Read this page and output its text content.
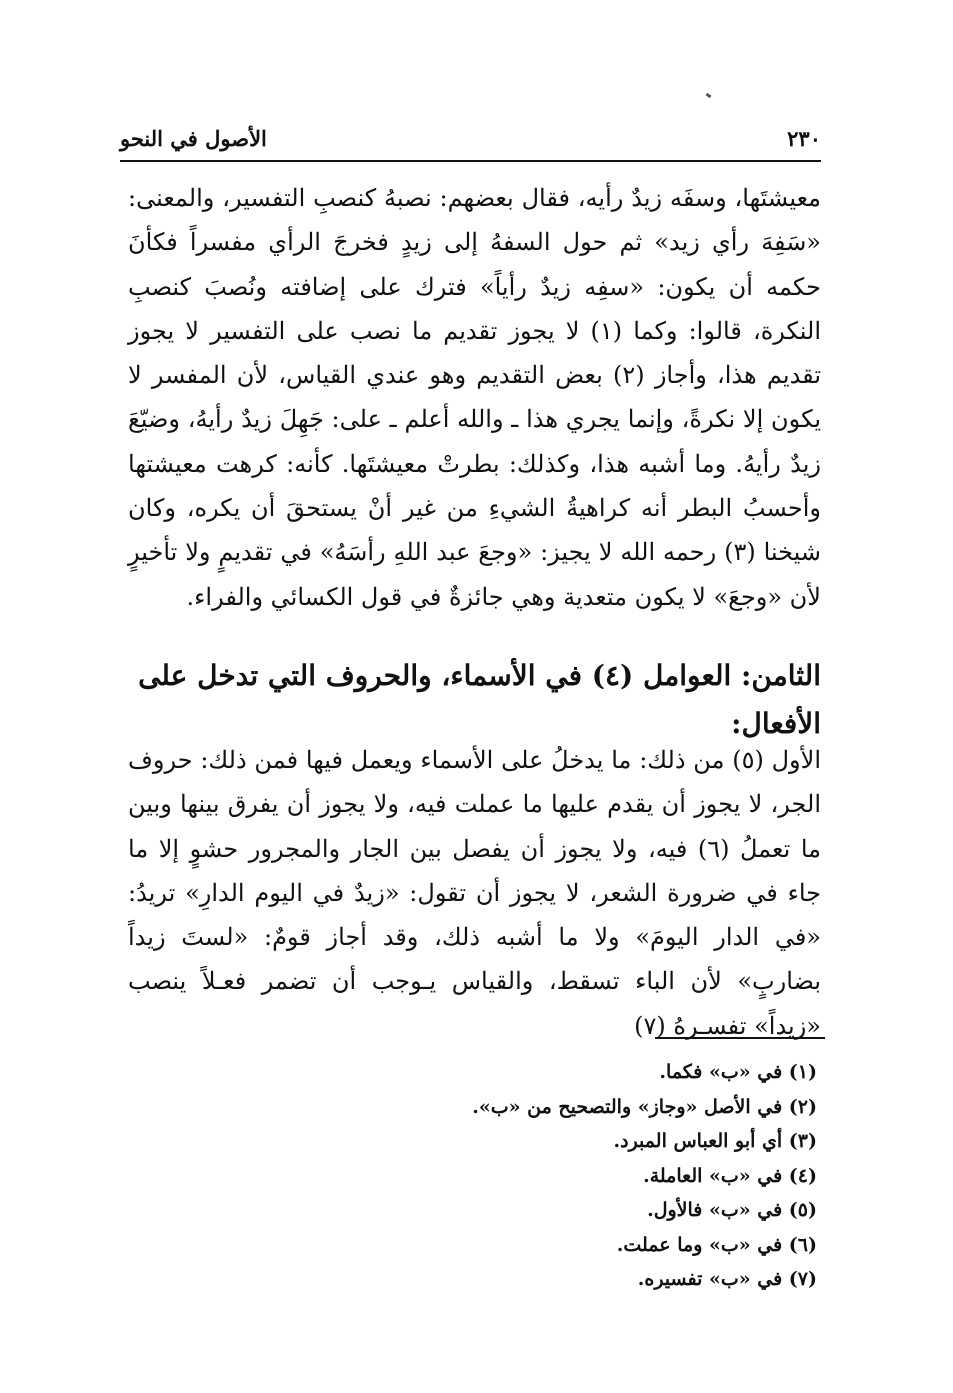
الأصول في النحو	٢٣٠

معيشتَها، وسفَه زيدٌ رأيه، فقال بعضهم: نصبهُ كنصبِ التفسير، والمعنى: «سَفِهَ رأي زيد» ثم حول السفهُ إلى زيدٍ فخرجَ الرأي مفسراً فكأنَ حكمه أن يكون: «سفِه زيدٌ رأياً» فترك على إضافته ونُصبَ كنصبِ النكرة، قالوا: وكما (١) لا يجوز تقديم ما نصب على التفسير لا يجوز تقديم هذا، وأجاز (٢) بعض التقديم وهو عندي القياس، لأن المفسر لا يكون إلا نكرةً، وإنما يجري هذا ـ والله أعلم ـ على: جَهِلَ زيدٌ رأيهُ، وضيّعَ زيدٌ رأيهُ. وما أشبه هذا، وكذلك: بطرتْ معيشتَها. كأنه: كرهت معيشتها وأحسبُ البطر أنه كراهيةُ الشيءِ من غير أنْ يستحقَ أن يكره، وكان شيخنا (٣) رحمه الله لا يجيز: «وجعَ عبد اللهِ رأسَهُ» في تقديمٍ ولا تأخيرٍ لأن «وجعَ» لا يكون متعدية وهي جائزةٌ في قول الكسائي والفراء.

الثامن: العوامل (٤) في الأسماء، والحروف التي تدخل على الأفعال:

الأول (٥) من ذلك: ما يدخلُ على الأسماء ويعمل فيها فمن ذلك: حروف الجر، لا يجوز أن يقدم عليها ما عملت فيه، ولا يجوز أن يفرق بينها وبين ما تعملُ (٦) فيه، ولا يجوز أن يفصل بين الجار والمجرور حشوٍ إلا ما جاء في ضرورة الشعر، لا يجوز أن تقول: «زيدٌ في اليوم الدارِ» تريدُ: «في الدار اليومَ» ولا ما أشبه ذلك، وقد أجاز قومٌ: «لستَ زيداً بضاربٍ» لأن الباء تسقط، والقياس يـوجب أن تضمر فعـلاً ينصب «زيداً» تفسـرهُ (٧)

(١) في «ب» فكما.
(٢) في الأصل «وجاز» والتصحيح من «ب».
(٣) أي أبو العباس المبرد.
(٤) في «ب» العاملة.
(٥) في «ب» فالأول.
(٦) في «ب» وما عملت.
(٧) في «ب» تفسيره.
